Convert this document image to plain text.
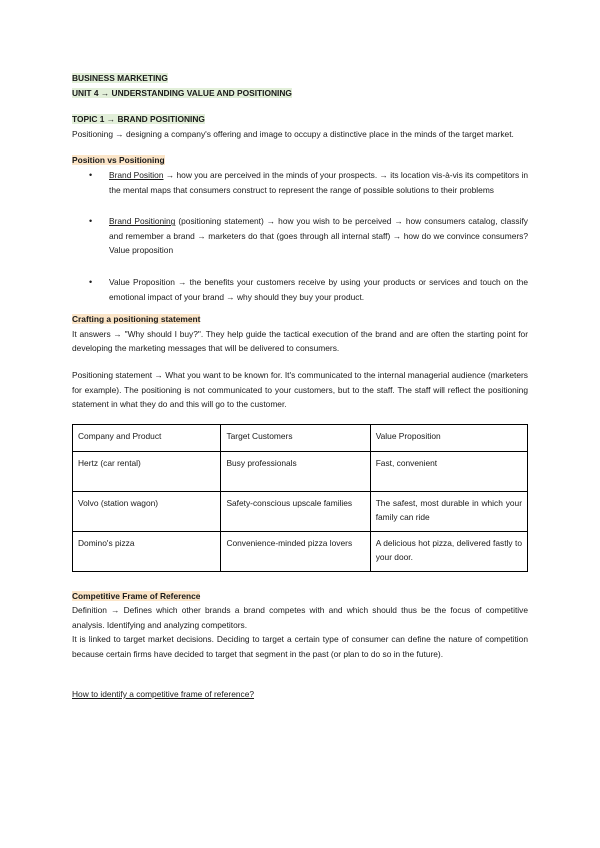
BUSINESS MARKETING
UNIT 4 → UNDERSTANDING VALUE AND POSITIONING
TOPIC 1 → BRAND POSITIONING

Positioning → designing a company's offering and image to occupy a distinctive place in the minds of the target market.

Position vs Positioning
• Brand Position → how you are perceived in the minds of your prospects. → its location vis-à-vis its competitors in the mental maps that consumers construct to represent the range of possible solutions to their problems
• Brand Positioning (positioning statement) → how you wish to be perceived → how consumers catalog, classify and remember a brand → marketers do that (goes through all internal staff) → how do we convince consumers? Value proposition
• Value Proposition → the benefits your customers receive by using your products or services and touch on the emotional impact of your brand → why should they buy your product.
Crafting a positioning statement

It answers → "Why should I buy?". They help guide the tactical execution of the brand and are often the starting point for developing the marketing messages that will be delivered to consumers.

Positioning statement → What you want to be known for. It's communicated to the internal managerial audience (marketers for example). The positioning is not communicated to your customers, but to the staff. The staff will reflect the positioning statement in what they do and this will go to the customer.

Company and Product	Target Customers	Value Proposition
Hertz (car rental)	Busy professionals	Fast, convenient
Volvo (station wagon)	Safety-conscious upscale families	The safest, most durable in which your family can ride
Domino's pizza	Convenience-minded pizza lovers	A delicious hot pizza, delivered fastly to your door.
Competitive Frame of Reference

Definition → Defines which other brands a brand competes with and which should thus be the focus of competitive analysis. Identifying and analyzing competitors.

It is linked to target market decisions. Deciding to target a certain type of consumer can define the nature of competition because certain firms have decided to target that segment in the past (or plan to do so in the future).

How to identify a competitive frame of reference?
